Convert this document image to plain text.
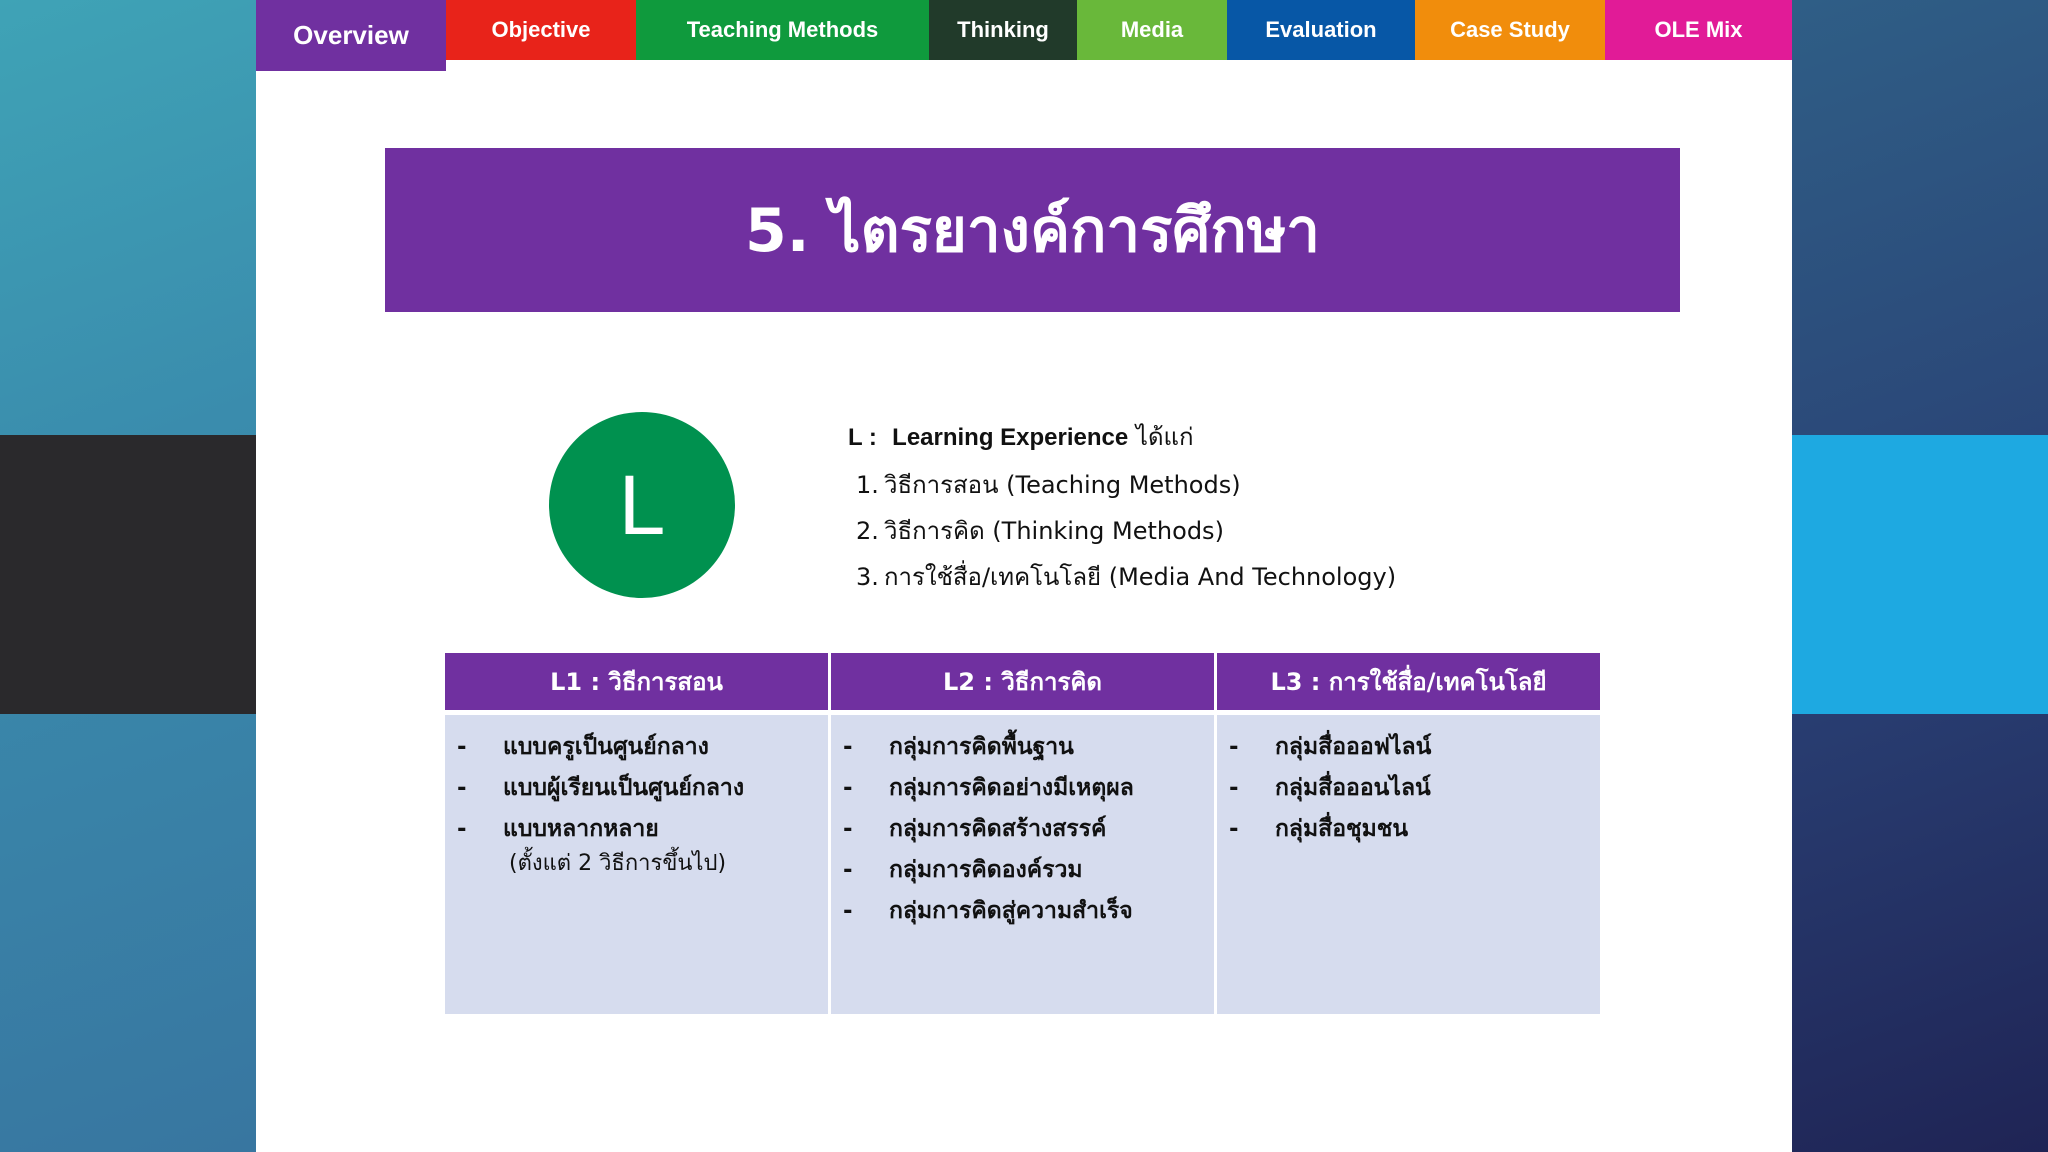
Overview	Objective	Teaching Methods	Thinking	Media	Evaluation	Case Study	OLE Mix
5. ไตรยางค์การศึกษา
L
L : Learning Experience ได้แก่
1. วิธีการสอน (Teaching Methods)
2. วิธีการคิด (Thinking Methods)
3. การใช้สื่อ/เทคโนโลยี (Media And Technology)
L1 : วิธีการสอน
-	แบบครูเป็นศูนย์กลาง
-	แบบผู้เรียนเป็นศูนย์กลาง
-	แบบหลากหลาย
(ตั้งแต่ 2 วิธีการขึ้นไป)
L2 : วิธีการคิด
-	กลุ่มการคิดพื้นฐาน
-	กลุ่มการคิดอย่างมีเหตุผล
-	กลุ่มการคิดสร้างสรรค์
-	กลุ่มการคิดองค์รวม
-	กลุ่มการคิดสู่ความสำเร็จ
L3 : การใช้สื่อ/เทคโนโลยี
-	กลุ่มสื่อออฟไลน์
-	กลุ่มสื่อออนไลน์
-	กลุ่มสื่อชุมชน
